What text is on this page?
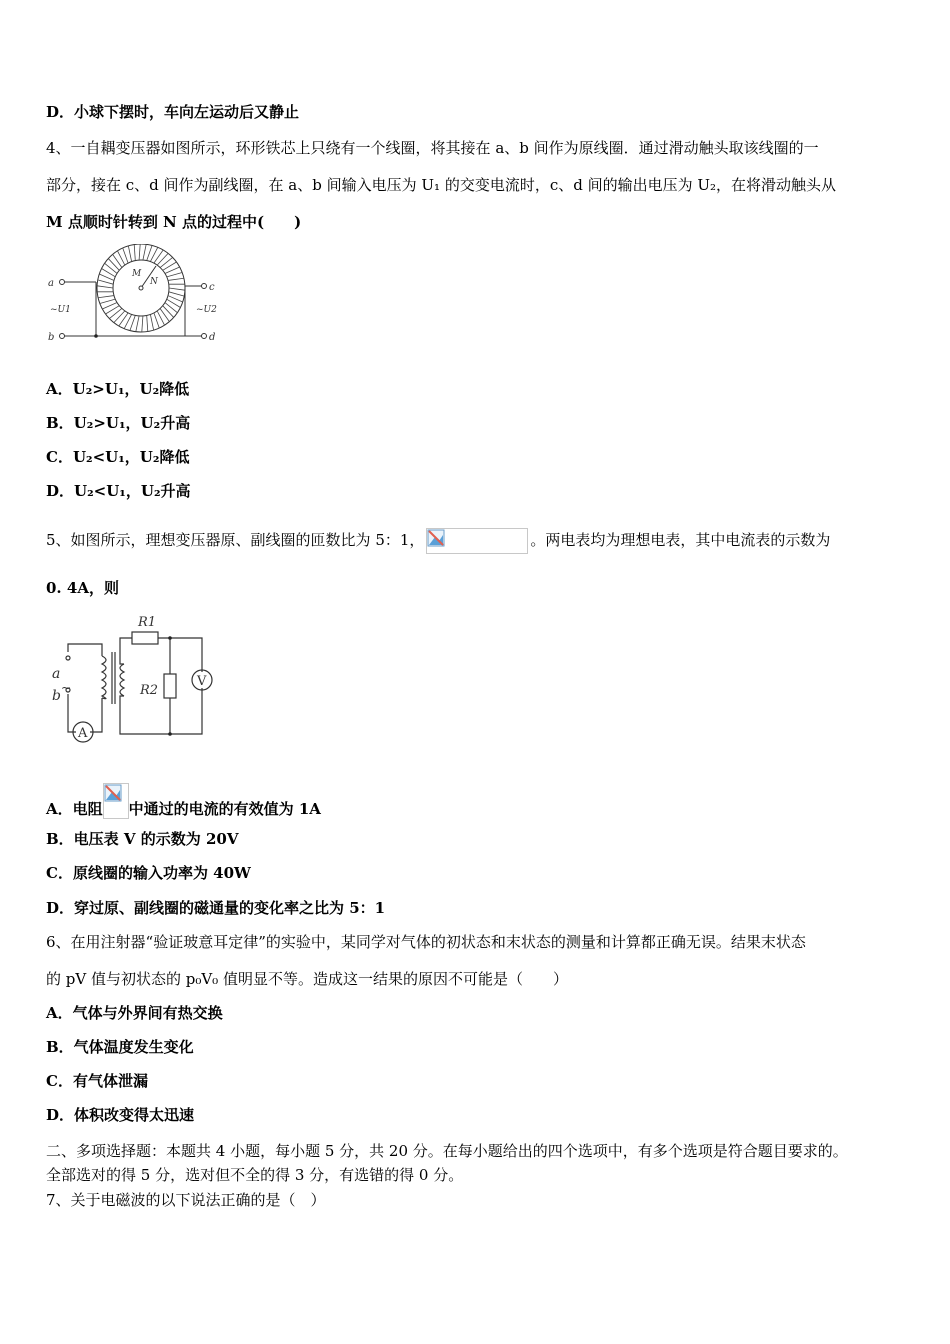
D．小球下摆时，车向左运动后又静止
4、一自耦变压器如图所示，环形铁芯上只绕有一个线圈，将其接在 a、b 间作为原线圈．通过滑动触头取该线圈的一
部分，接在 c、d 间作为副线圈，在 a、b 间输入电压为 U₁ 的交变电流时，c、d 间的输出电压为 U₂，在将滑动触头从
M 点顺时针转到 N 点的过程中(　　)
a
b
c
d
~U1	~U2
M
N
A．U₂>U₁，U₂降低
B．U₂>U₁，U₂升高
C．U₂<U₁，U₂降低
D．U₂<U₁，U₂升高
5、如图所示，理想变压器原、副线圈的匝数比为 5：1，	。两电表均为理想电表，其中电流表的示数为
0. 4A，则
R1
R2
V
A
a
b ~
A．电阻 中通过的电流的有效值为 1A
B．电压表 V 的示数为 20V
C．原线圈的输入功率为 40W
D．穿过原、副线圈的磁通量的变化率之比为 5：1
6、在用注射器“验证玻意耳定律”的实验中，某同学对气体的初状态和末状态的测量和计算都正确无误。结果末状态
的 pV 值与初状态的 p₀V₀ 值明显不等。造成这一结果的原因不可能是（　　）
A．气体与外界间有热交换
B．气体温度发生变化
C．有气体泄漏
D．体积改变得太迅速
二、多项选择题：本题共 4 小题，每小题 5 分，共 20 分。在每小题给出的四个选项中，有多个选项是符合题目要求的。
全部选对的得 5 分，选对但不全的得 3 分，有选错的得 0 分。
7、关于电磁波的以下说法正确的是（　）
